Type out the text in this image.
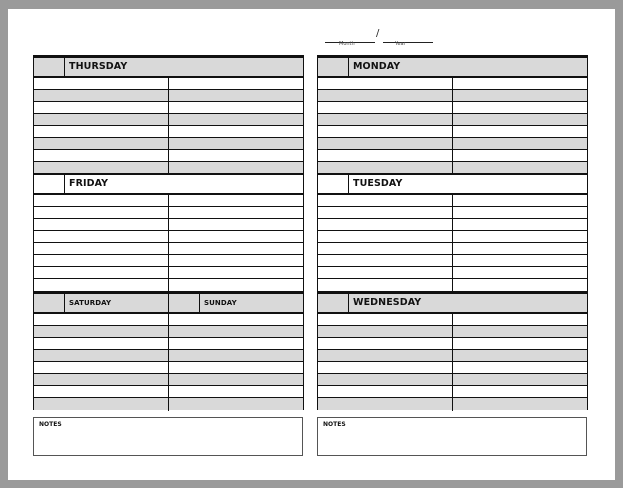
/
Month	Year
THURSDAY	MONDAY
FRIDAY	TUESDAY
SATURDAY	SUNDAY	WEDNESDAY
NOTES	NOTES
